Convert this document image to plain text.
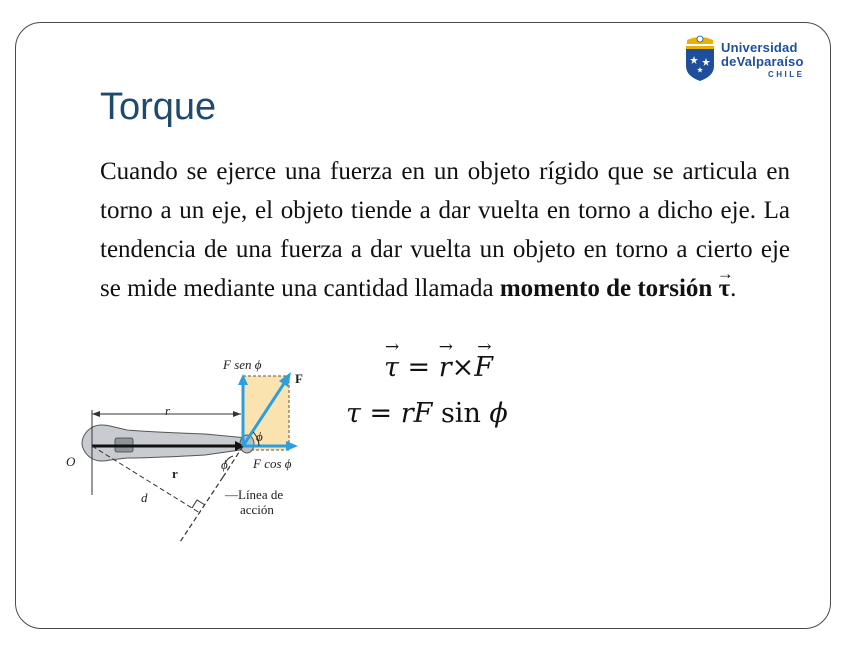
Universidad
deValparaíso
CHILE
Torque
Cuando se ejerce una fuerza en un objeto rígido que se articula en torno a un eje, el objeto tiende a dar vuelta en torno a dicho eje. La tendencia de una fuerza a dar vuelta un objeto en torno a cierto eje se mide mediante una cantidad llamada momento de torsión → τ.
→ τ = → r×→ F
τ = rF sin ϕ
F sen ϕ
F
r
ϕ
O
r
ϕ F cos ϕ
d	—Línea de
acción
